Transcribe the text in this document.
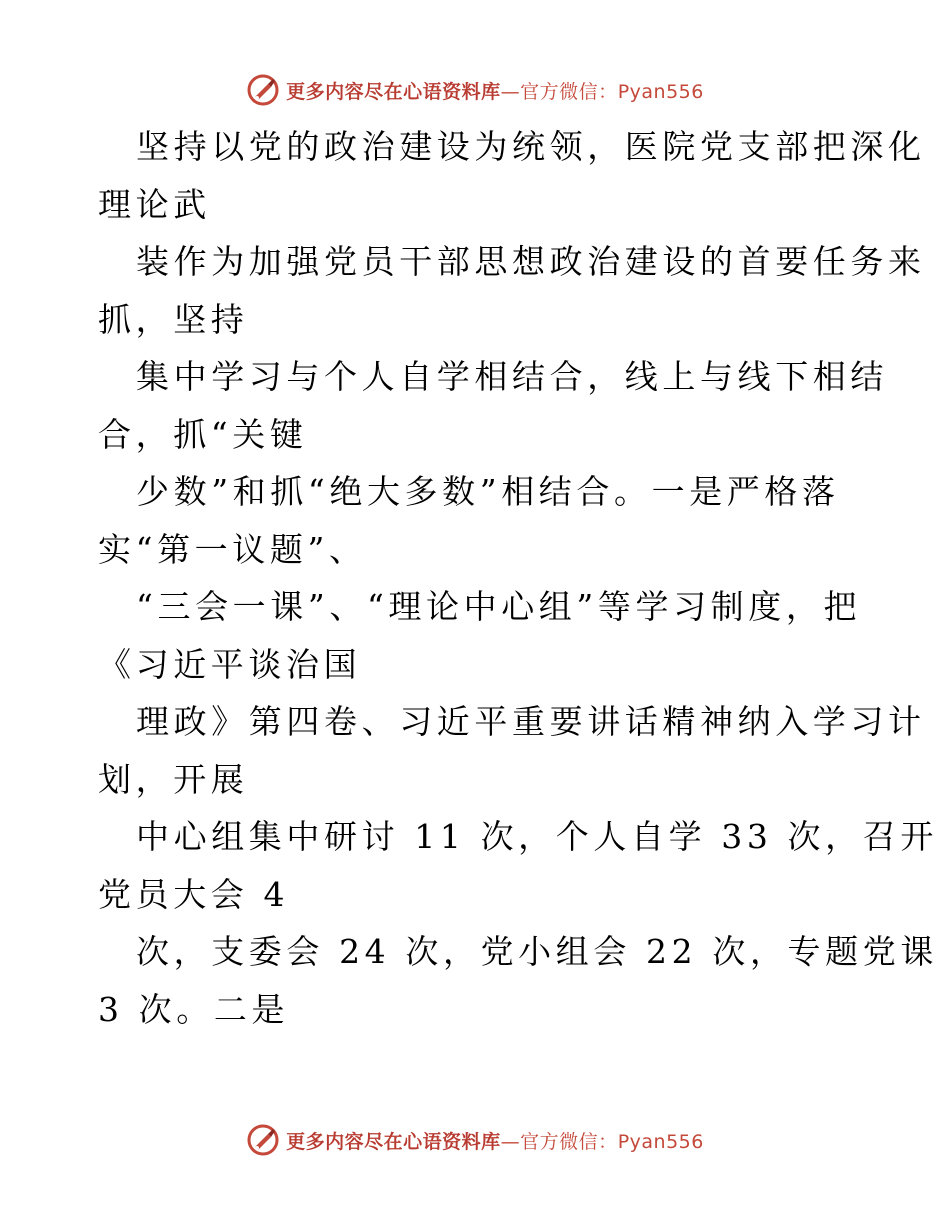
更多内容尽在心语资料库—官方微信：Pyan556
坚持以党的政治建设为统领，医院党支部把深化
理论武
装作为加强党员干部思想政治建设的首要任务来
抓，坚持
集中学习与个人自学相结合，线上与线下相结
合，抓“关键
少数”和抓“绝大多数”相结合。一是严格落
实“第一议题”、
“三会一课”、“理论中心组”等学习制度，把
《习近平谈治国
理政》第四卷、习近平重要讲话精神纳入学习计
划，开展
中心组集中研讨 11 次，个人自学 33 次，召开
党员大会 4
次，支委会 24 次，党小组会 22 次，专题党课
3 次。二是
更多内容尽在心语资料库—官方微信：Pyan556
